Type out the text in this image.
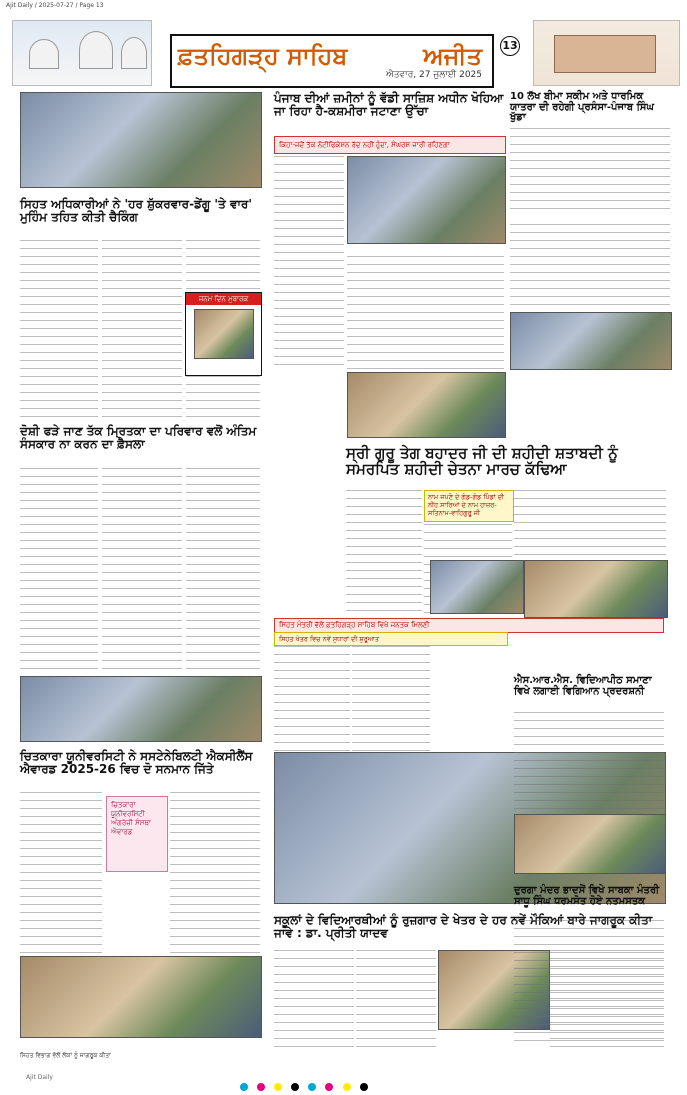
Ajit Daily / 2025-07-27 / Page 13
ਫ਼ਤਹਿਗੜ੍ਹ ਸਾਹਿਬ	ਅਜੀਤ
ਐਤਵਾਰ, 27 ਜੁਲਾਈ 2025
13
ਸਿਹਤ ਅਧਿਕਾਰੀਆਂ ਨੇ 'ਹਰ ਸ਼ੁੱਕਰਵਾਰ-ਡੇਂਗੂ 'ਤੇ ਵਾਰ' ਮੁਹਿੰਮ ਤਹਿਤ ਕੀਤੀ ਚੈਕਿੰਗ
ਜਨਮ ਦਿਨ ਮੁਬਾਰਕ
ਦੋਸ਼ੀ ਫੜੇ ਜਾਣ ਤੱਕ ਮ੍ਰਿਤਕਾ ਦਾ ਪਰਿਵਾਰ ਵਲੋਂ ਅੰਤਿਮ ਸੰਸਕਾਰ ਨਾ ਕਰਨ ਦਾ ਫ਼ੈਸਲਾ
ਚਿਤਕਾਰਾ ਯੂਨੀਵਰਸਿਟੀ ਨੇ ਸਸਟੇਨੇਬਿਲਟੀ ਐਕਸੀਲੈਂਸ ਐਵਾਰਡ 2025-26 ਵਿਚ ਦੋ ਸਨਮਾਨ ਜਿੱਤੇ
ਚਿਤਕਾਰਾ ਯੂਨੀਵਰਸਿਟੀ ਅੰਗਰੇਜ਼ੀ ਸੰਸਥਾ ਐਵਾਰਡ
ਪੰਜਾਬ ਦੀਆਂ ਜ਼ਮੀਨਾਂ ਨੂੰ ਵੱਡੀ ਸਾਜ਼ਿਸ਼ ਅਧੀਨ ਖੋਹਿਆ ਜਾ ਰਿਹਾ ਹੈ-ਕਸ਼ਮੀਰਾ ਜਟਾਣਾ ਉੱਚਾ
ਕਿਹਾ-ਜਦੋਂ ਤੱਕ ਨੋਟੀਫਿਕੇਸ਼ਨ ਰੱਦ ਨਹੀਂ ਹੁੰਦਾ, ਸੰਘਰਸ਼ ਜਾਰੀ ਰਹਿਣਗਾ
ਸ੍ਰੀ ਗੁਰੂ ਤੇਗ ਬਹਾਦਰ ਜੀ ਦੀ ਸ਼ਹੀਦੀ ਸ਼ਤਾਬਦੀ ਨੂੰ ਸਮਰਪਿਤ ਸ਼ਹੀਦੀ ਚੇਤਨਾ ਮਾਰਚ ਕੱਢਿਆ
ਨਾਮ ਜਪਣੋ ਦੇ ਗੰਡ-ਗੰਡ ਪਿੰਡਾਂ ਦੀ ਨੀਂਹ ਸਾਰਿਆਂ ਦੇ ਨਾਮ ਹਾਜ਼ਰ-ਸਤਿਨਾਮ-ਵਾਹਿਗੁਰੂ ਜੀ
ਸਿਹਤ ਮੰਤਰੀ ਵੱਲੋਂ ਫ਼ਤਹਿਗੜ੍ਹ ਸਾਹਿਬ ਵਿਖੇ ਜਨਤਕ ਮਿਲਣੀ
ਸਿਹਤ ਖੇਤਰ ਵਿਚ ਨਵੇਂ ਸੁਧਾਰਾਂ ਦੀ ਸ਼ੁਰੂਆਤ
ਸਕੂਲਾਂ ਦੇ ਵਿਦਿਆਰਥੀਆਂ ਨੂੰ ਰੁਜ਼ਗਾਰ ਦੇ ਖੇਤਰ ਦੇ ਹਰ ਨਵੇਂ ਮੌਕਿਆਂ ਬਾਰੇ ਜਾਗਰੂਕ ਕੀਤਾ ਜਾਵੇ : ਡਾ. ਪ੍ਰੀਤੀ ਯਾਦਵ
10 ਲੱਖ ਬੀਮਾ ਸਕੀਮ ਅਤੇ ਧਾਰਮਿਕ ਯਾਤਰਾ ਦੀ ਰਹੇਗੀ ਪ੍ਰਸੰਸਾ-ਪੰਜਾਬ ਸਿੰਘ ਖੁੱਡਾ
ਐਸ.ਆਰ.ਐਸ. ਵਿਦਿਆਪੀਠ ਸਮਾਣਾ ਵਿਖੇ ਲਗਾਈ ਵਿਗਿਆਨ ਪ੍ਰਦਰਸ਼ਨੀ
ਦੁਰਗਾ ਮੰਦਰ ਭਾਦਸੋਂ ਵਿਖੇ ਸਾਬਕਾ ਮੰਤਰੀ ਸਾਧੂ ਸਿੰਘ ਧਰਮਸੋਤ ਹੋਏ ਨਤਮਸਤਕ
ਸਿਹਤ ਵਿਭਾਗ ਵੱਲੋਂ ਲੋਕਾਂ ਨੂੰ ਜਾਗਰੂਕ ਕੀਤਾ
Ajit Daily
